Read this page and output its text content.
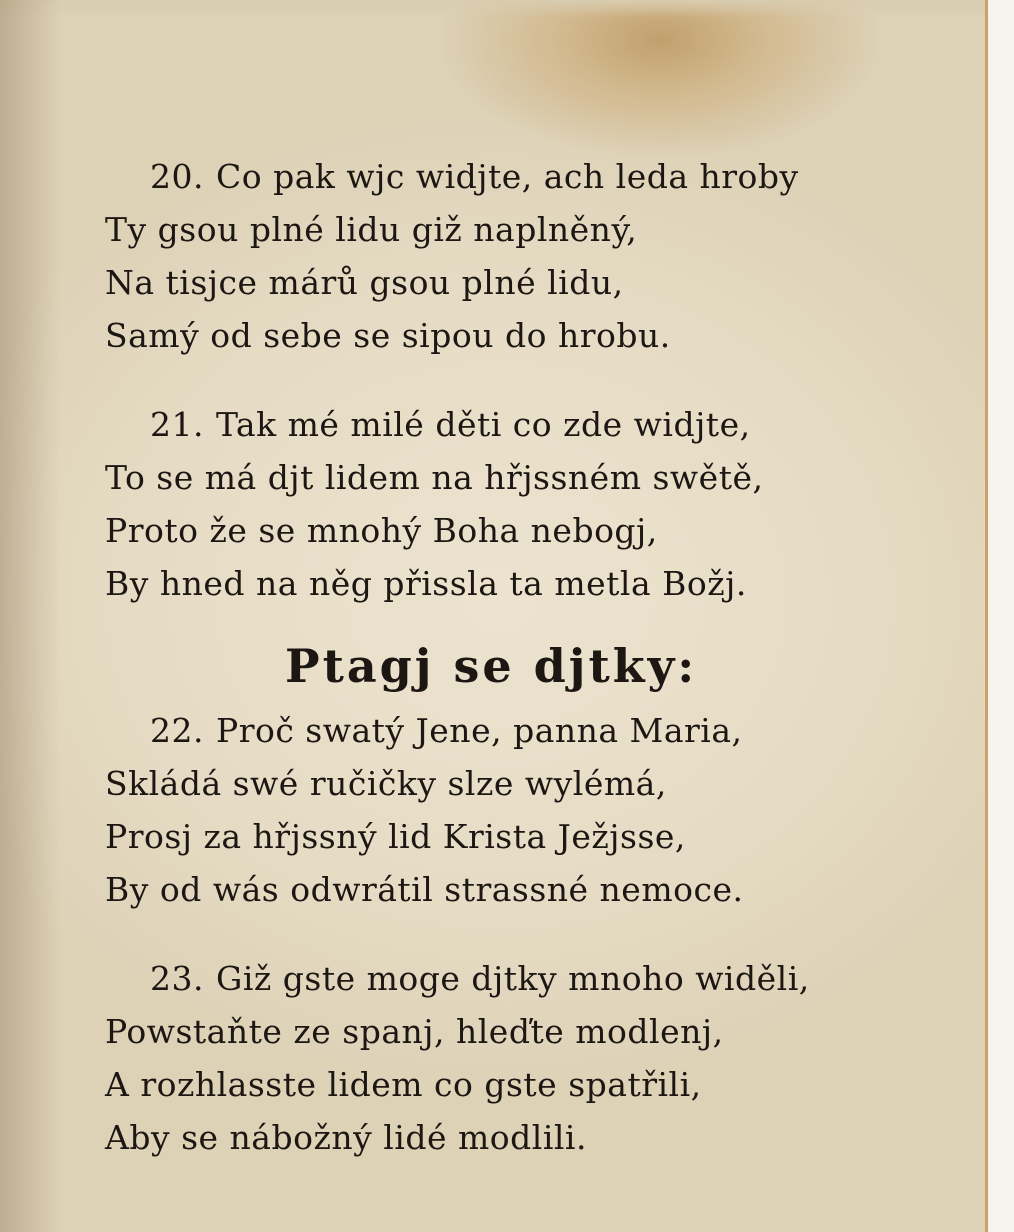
20. Co pak wjc widjte, ach leda hroby
Ty gsou plné lidu giž naplněný,
Na tisjce márů gsou plné lidu,
Samý od sebe se sipou do hrobu.
21. Tak mé milé děti co zde widjte,
To se má djt lidem na hřjssném swětě,
Proto že se mnohý Boha nebogj,
By hned na něg přissla ta metla Božj.
Ptagj se djtky:
22. Proč swatý Jene, panna Maria,
Skládá swé ručičky slze wylémá,
Prosj za hřjssný lid Krista Ježjsse,
By od wás odwrátil strassné nemoce.
23. Giž gste moge djtky mnoho widěli,
Powstaňte ze spanj, hleďte modlenj,
A rozhlasste lidem co gste spatřili,
Aby se nábožný lidé modlili.
